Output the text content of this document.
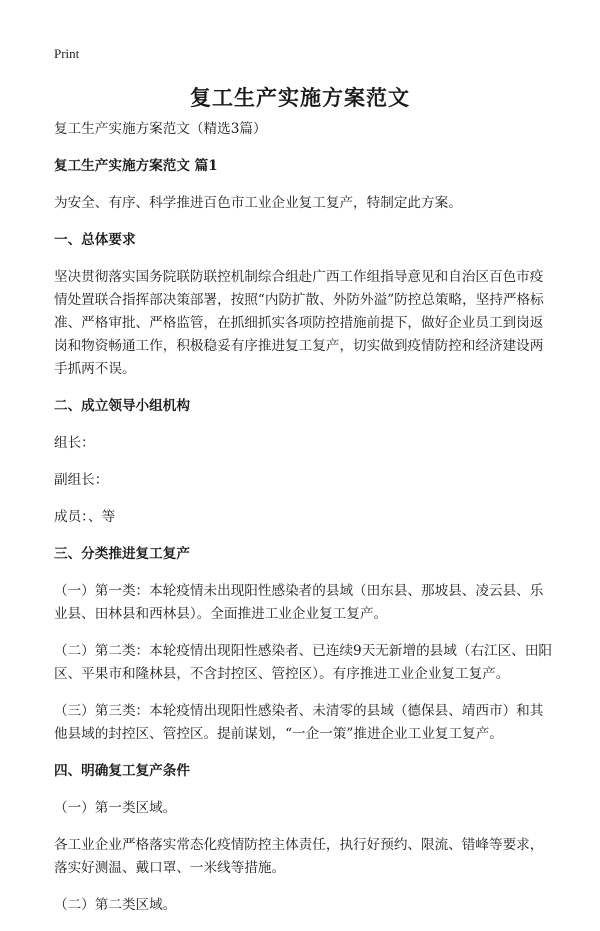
Print
复工生产实施方案范文
复工生产实施方案范文（精选3篇）
复工生产实施方案范文 篇1
为安全、有序、科学推进百色市工业企业复工复产，特制定此方案。
一、总体要求
坚决贯彻落实国务院联防联控机制综合组赴广西工作组指导意见和自治区百色市疫情处置联合指挥部决策部署，按照“内防扩散、外防外溢”防控总策略，坚持严格标准、严格审批、严格监管，在抓细抓实各项防控措施前提下，做好企业员工到岗返岗和物资畅通工作，积极稳妥有序推进复工复产，切实做到疫情防控和经济建设两手抓两不误。
二、成立领导小组机构
组长：
副组长：
成员：、等
三、分类推进复工复产
（一）第一类：本轮疫情未出现阳性感染者的县域（田东县、那坡县、凌云县、乐业县、田林县和西林县）。全面推进工业企业复工复产。
（二）第二类：本轮疫情出现阳性感染者、已连续9天无新增的县域（右江区、田阳区、平果市和隆林县，不含封控区、管控区）。有序推进工业企业复工复产。
（三）第三类：本轮疫情出现阳性感染者、未清零的县域（德保县、靖西市）和其他县域的封控区、管控区。提前谋划，“一企一策”推进企业工业复工复产。
四、明确复工复产条件
（一）第一类区域。
各工业企业严格落实常态化疫情防控主体责任，执行好预约、限流、错峰等要求，落实好测温、戴口罩、一米线等措施。
（二）第二类区域。
